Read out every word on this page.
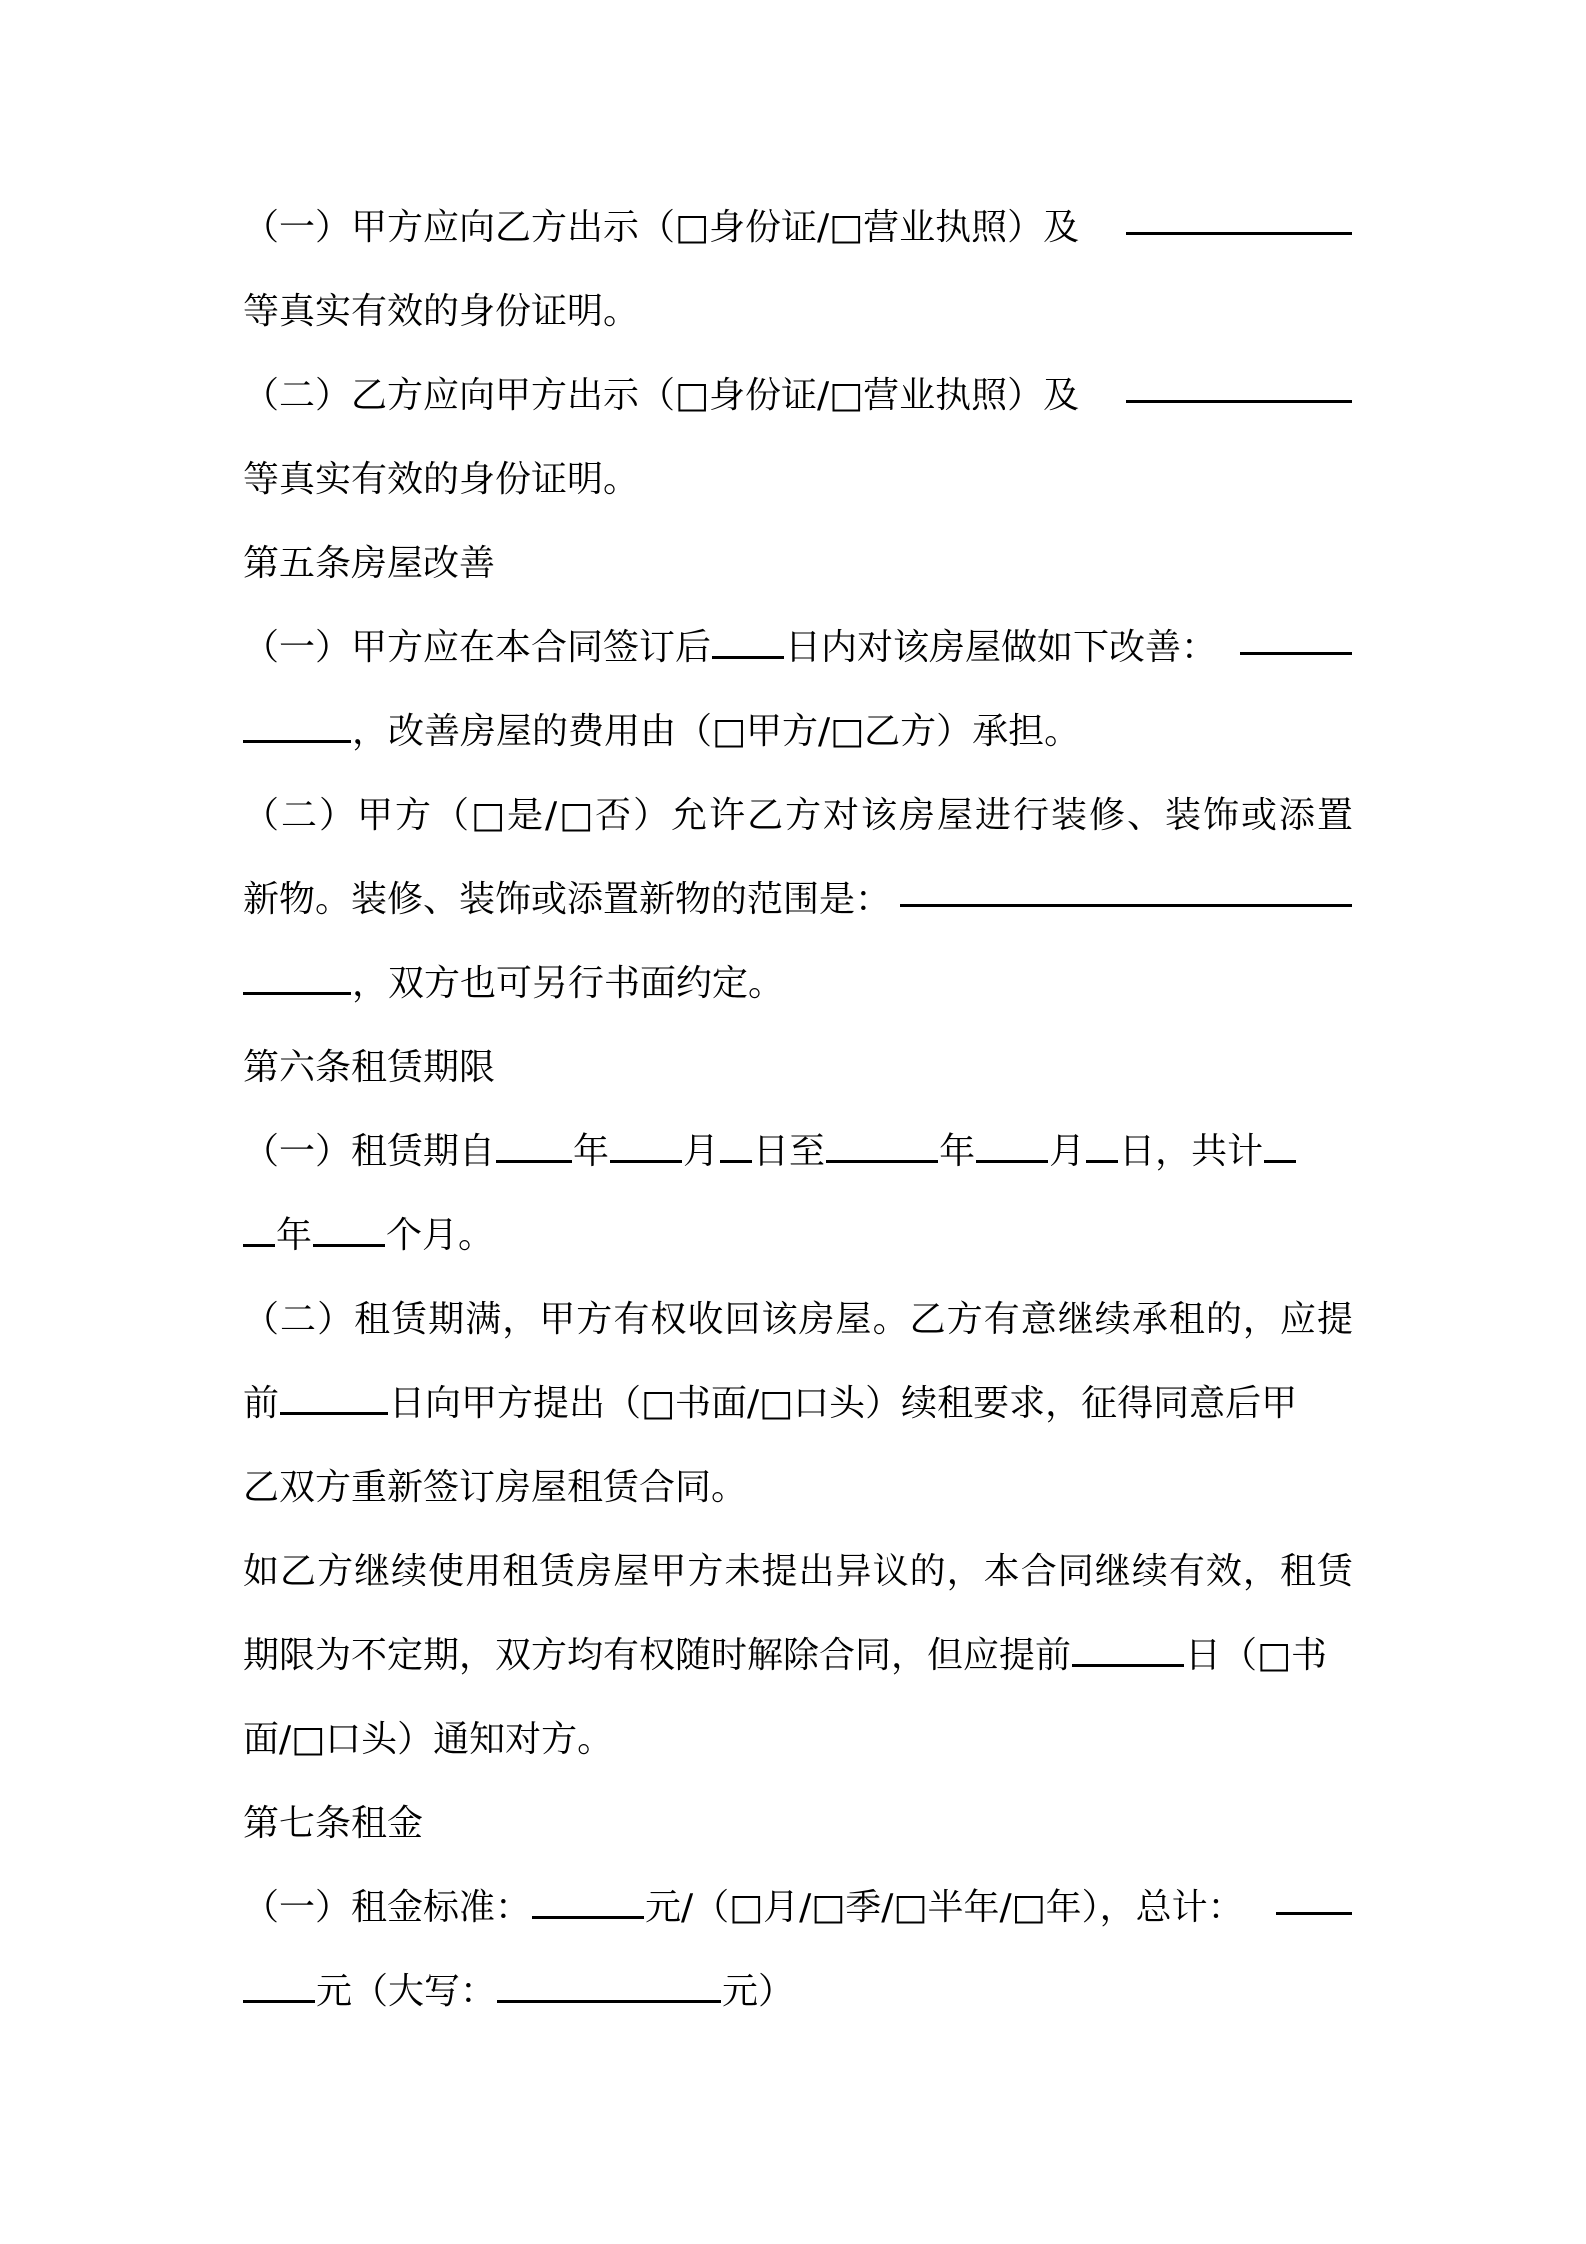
（一）甲方应向乙方出示（□身份证/□营业执照）及
等真实有效的身份证明。
（二）乙方应向甲方出示（□身份证/□营业执照）及
等真实有效的身份证明。
第五条房屋改善
（一）甲方应在本合同签订后 日内对该房屋做如下改善：
，改善房屋的费用由（□甲方/□乙方）承担。
（二）甲方（□是/□否）允许乙方对该房屋进行装修、装饰或添置
新物。装修、装饰或添置新物的范围是：
，双方也可另行书面约定。
第六条租赁期限
（一）租赁期自 年 月 日至	年 月 日，共计
年 个月。
（二）租赁期满，甲方有权收回该房屋。乙方有意继续承租的，应提
前	日向甲方提出（□书面/□口头）续租要求，征得同意后甲
乙双方重新签订房屋租赁合同。
如乙方继续使用租赁房屋甲方未提出异议的，本合同继续有效，租赁
期限为不定期，双方均有权随时解除合同，但应提前	日（□书
面/□口头）通知对方。
第七条租金
（一）租金标准：	元/（□月/□季/□半年/□年），总计：
元（大写：	元）
